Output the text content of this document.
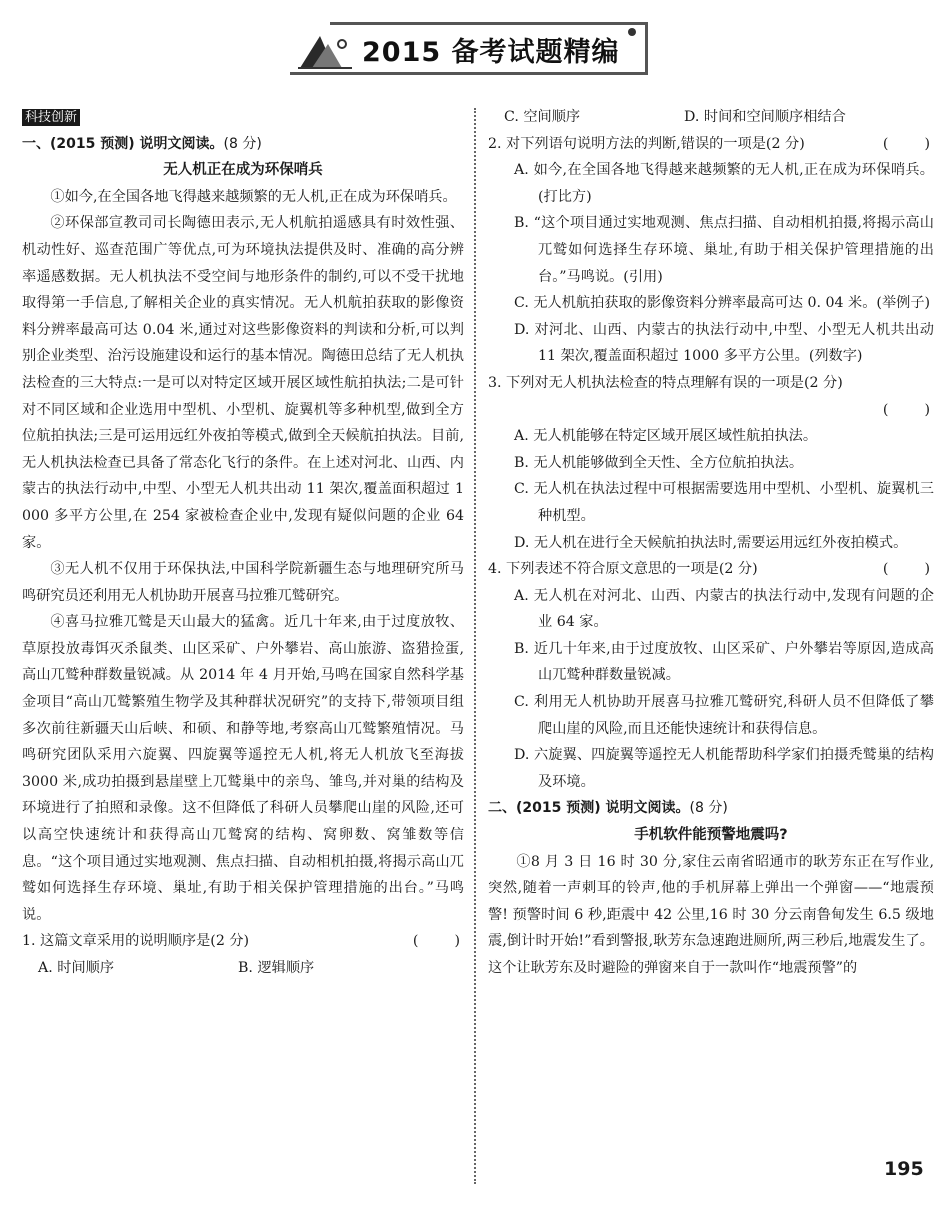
2015 备考试题精编
科技创新
一、(2015 预测) 说明文阅读。(8 分)
无人机正在成为环保哨兵

①如今,在全国各地飞得越来越频繁的无人机,正在成为环保哨兵。

②环保部宣教司司长陶德田表示,无人机航拍遥感具有时效性强、机动性好、巡查范围广等优点,可为环境执法提供及时、准确的高分辨率遥感数据。无人机执法不受空间与地形条件的制约,可以不受干扰地取得第一手信息,了解相关企业的真实情况。无人机航拍获取的影像资料分辨率最高可达 0.04 米,通过对这些影像资料的判读和分析,可以判别企业类型、治污设施建设和运行的基本情况。陶德田总结了无人机执法检查的三大特点:一是可以对特定区域开展区域性航拍执法;二是可针对不同区域和企业选用中型机、小型机、旋翼机等多种机型,做到全方位航拍执法;三是可运用远红外夜拍等模式,做到全天候航拍执法。目前,无人机执法检查已具备了常态化飞行的条件。在上述对河北、山西、内蒙古的执法行动中,中型、小型无人机共出动 11 架次,覆盖面积超过 1 000 多平方公里,在 254 家被检查企业中,发现有疑似问题的企业 64 家。

③无人机不仅用于环保执法,中国科学院新疆生态与地理研究所马鸣研究员还利用无人机协助开展喜马拉雅兀鹫研究。

④喜马拉雅兀鹫是天山最大的猛禽。近几十年来,由于过度放牧、草原投放毒饵灭杀鼠类、山区采矿、户外攀岩、高山旅游、盗猎捡蛋,高山兀鹫种群数量锐减。从 2014 年 4 月开始,马鸣在国家自然科学基金项目“高山兀鹫繁殖生物学及其种群状况研究”的支持下,带领项目组多次前往新疆天山后峡、和硕、和静等地,考察高山兀鹫繁殖情况。马鸣研究团队采用六旋翼、四旋翼等遥控无人机,将无人机放飞至海拔 3000 米,成功拍摄到悬崖壁上兀鹫巢中的亲鸟、雏鸟,并对巢的结构及环境进行了拍照和录像。这不但降低了科研人员攀爬山崖的风险,还可以高空快速统计和获得高山兀鹫窝的结构、窝卵数、窝雏数等信息。“这个项目通过实地观测、焦点扫描、自动相机拍摄,将揭示高山兀鹫如何选择生存环境、巢址,有助于相关保护管理措施的出台。”马鸣说。

1. 这篇文章采用的说明顺序是(2 分)	(        )
A. 时间顺序	B. 逻辑顺序
C. 空间顺序	D. 时间和空间顺序相结合
2. 对下列语句说明方法的判断,错误的一项是(2 分)	(        )

A. 如今,在全国各地飞得越来越频繁的无人机,正在成为环保哨兵。(打比方)

B. “这个项目通过实地观测、焦点扫描、自动相机拍摄,将揭示高山兀鹫如何选择生存环境、巢址,有助于相关保护管理措施的出台。”马鸣说。(引用)

C. 无人机航拍获取的影像资料分辨率最高可达 0. 04 米。(举例子)

D. 对河北、山西、内蒙古的执法行动中,中型、小型无人机共出动 11 架次,覆盖面积超过 1000 多平方公里。(列数字)

3. 下列对无人机执法检查的特点理解有误的一项是(2 分)
(        )

A. 无人机能够在特定区域开展区域性航拍执法。

B. 无人机能够做到全天性、全方位航拍执法。

C. 无人机在执法过程中可根据需要选用中型机、小型机、旋翼机三种机型。

D. 无人机在进行全天候航拍执法时,需要运用远红外夜拍模式。

4. 下列表述不符合原文意思的一项是(2 分)	(        )

A. 无人机在对河北、山西、内蒙古的执法行动中,发现有问题的企业 64 家。

B. 近几十年来,由于过度放牧、山区采矿、户外攀岩等原因,造成高山兀鹫种群数量锐减。

C. 利用无人机协助开展喜马拉雅兀鹫研究,科研人员不但降低了攀爬山崖的风险,而且还能快速统计和获得信息。

D. 六旋翼、四旋翼等遥控无人机能帮助科学家们拍摄秃鹫巢的结构及环境。

二、(2015 预测) 说明文阅读。(8 分)
手机软件能预警地震吗?

①8 月 3 日 16 时 30 分,家住云南省昭通市的耿芳东正在写作业,突然,随着一声刺耳的铃声,他的手机屏幕上弹出一个弹窗——“地震预警! 预警时间 6 秒,距震中 42 公里,16 时 30 分云南鲁甸发生 6.5 级地震,倒计时开始!”看到警报,耿芳东急速跑进厕所,两三秒后,地震发生了。这个让耿芳东及时避险的弹窗来自于一款叫作“地震预警”的

195
